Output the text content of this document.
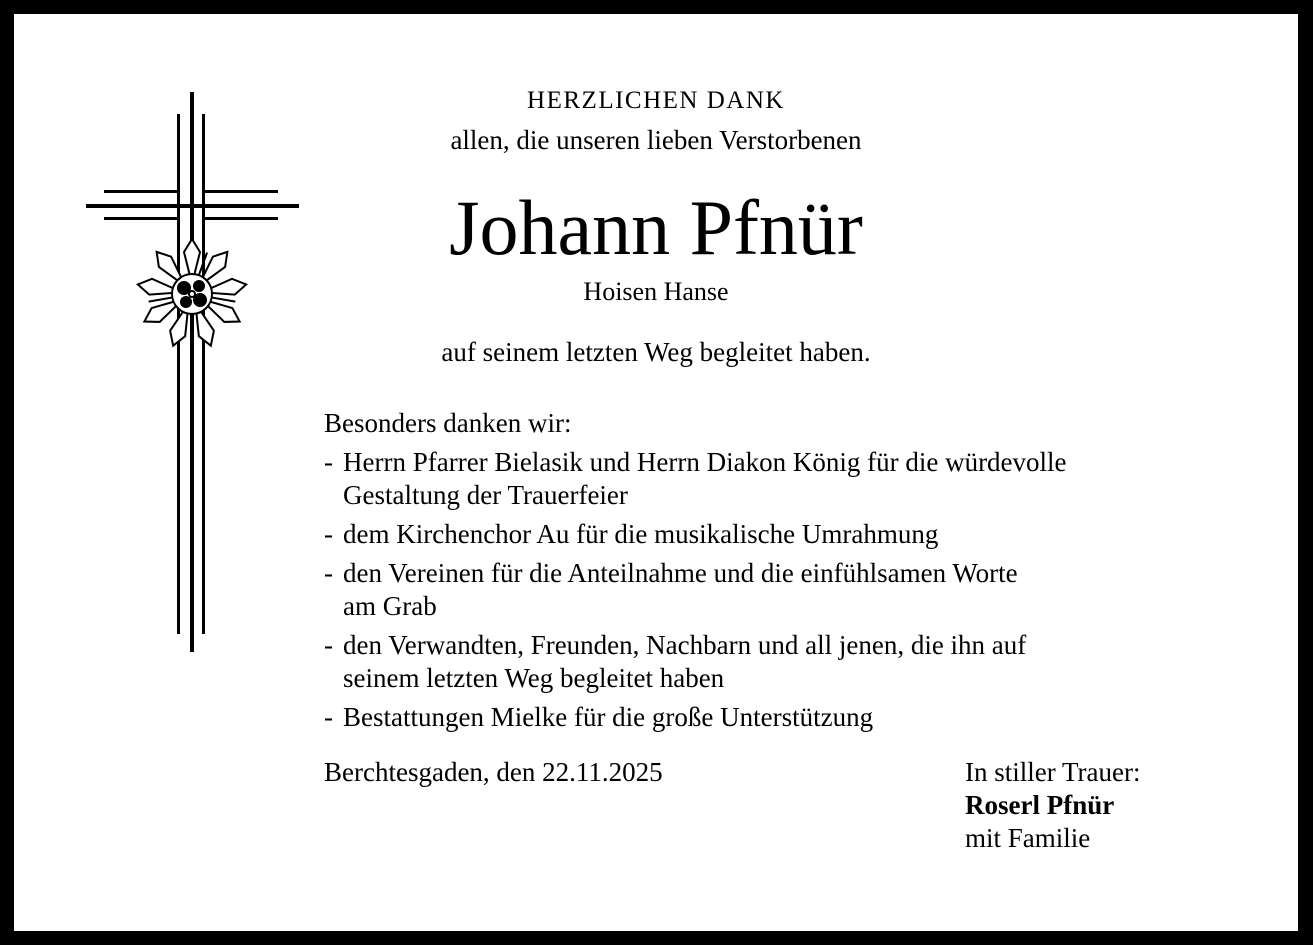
HERZLICHEN DANK
allen, die unseren lieben Verstorbenen
Johann Pfnür
Hoisen Hanse
auf seinem letzten Weg begleitet haben.
Besonders danken wir:
- Herrn Pfarrer Bielasik und Herrn Diakon König für die würdevolle
Gestaltung der Trauerfeier
- dem Kirchenchor Au für die musikalische Umrahmung
- den Vereinen für die Anteilnahme und die einfühlsamen Worte
am Grab
- den Verwandten, Freunden, Nachbarn und all jenen, die ihn auf
seinem letzten Weg begleitet haben
- Bestattungen Mielke für die große Unterstützung
Berchtesgaden, den 22.11.2025	In stiller Trauer:
Roserl Pfnür
mit Familie
